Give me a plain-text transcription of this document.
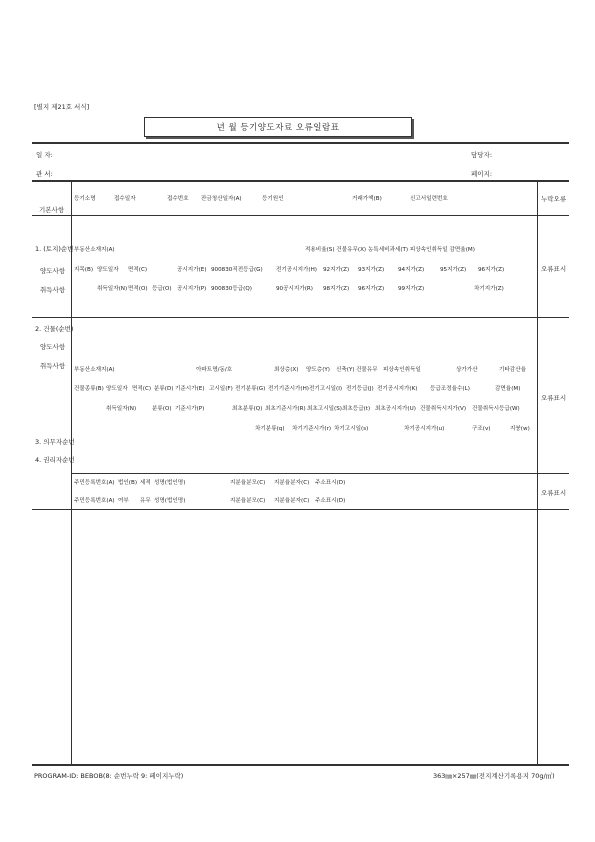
[별지 제21호 서식]
년 월 등기양도자료 오류일람표
일 자:
관 서:
담당자:
페이지:
기본사항
누락오류
등기소명	접수일자	접수번호 잔금청산일자(A)	등기원인	거래가액(B)	신고서일련번호
1. (토지)순번
양도사항
취득사항
부동산소재지(A)	적용비율(S) 건물유무(X) 농특세비과세(T) 피상속인취득일 감면율(M)
지목(B) 양도일자 면적(C)	공시지가(E) 900830직전등급(G) 전기공시지가(H) 92지가(Z) 93지가(Z) 94지가(Z)	95지가(Z) 96지가(Z)
취득일자(N) 면적(O) 등급(O) 공시지가(P) 900830등급(Q)	90공시지가(R) 98지가(Z) 96지가(Z) 99지가(Z)	차기지가(Z)
오류표시
2. 건물(순번)
양도사항
취득사항 부동산소재지(A)	아파트명/동/호	최상층(X) 양도층(Y) 신축(Y) 건물유무 피상속인취득일	상가가산	기타감산율
건물종류(B) 양도일자 면적(C) 분류(D) 기준시가(E) 고시일(F) 전기분류(G) 전기기준시가(H) 전기고시일(I) 전기등급(J) 전기공시지가(K) 등급조정율수(L)	감면율(M)
취득일자(N)	분류(O) 기준시가(P)	최초분류(Q) 최초기준시가(R) 최초고시일(S) 최초등급(t) 최초공시지가(U) 건물취득시지가(V) 건물취득시등급(W)
차기분류(q) 차기기준시가(r) 차기고시일(s)	차기공시지가(u)	구조(v)	지붕(w)
오류표시
3. 의무자순번
4. 권리자순번
주민등록번호(A) 법인(B) 세적 성명(법인명)	지분율분모(C) 지분율분자(C) 주소표시(D)
주민등록번호(A) 여부 유무 성명(법인명)	지분율분모(C) 지분율분자(C) 주소표시(D)
오류표시
PROGRAM-ID: BEBOB(8: 순번누락 9: 페이지누락)	363㎜×257㎜(전지계산기록용지 70g/㎡)
